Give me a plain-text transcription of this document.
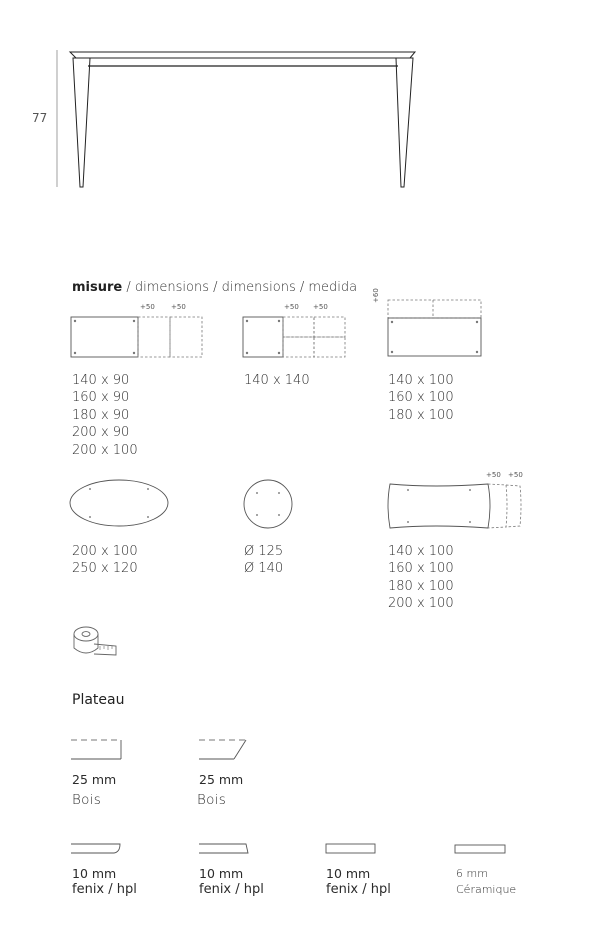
77
misure / dimensions / dimensions / medida
+50 +50
140 x 90
160 x 90
180 x 90
200 x 90
200 x 100
+50 +50
140 x 140
+60
140 x 100
160 x 100
180 x 100
200 x 100
250 x 120
Ø 125
Ø 140
+50 +50
140 x 100
160 x 100
180 x 100
200 x 100
Plateau
25 mm
Bois
25 mm
Bois
10 mm
fenix / hpl
10 mm
fenix / hpl
10 mm
fenix / hpl
6 mm
Céramique
